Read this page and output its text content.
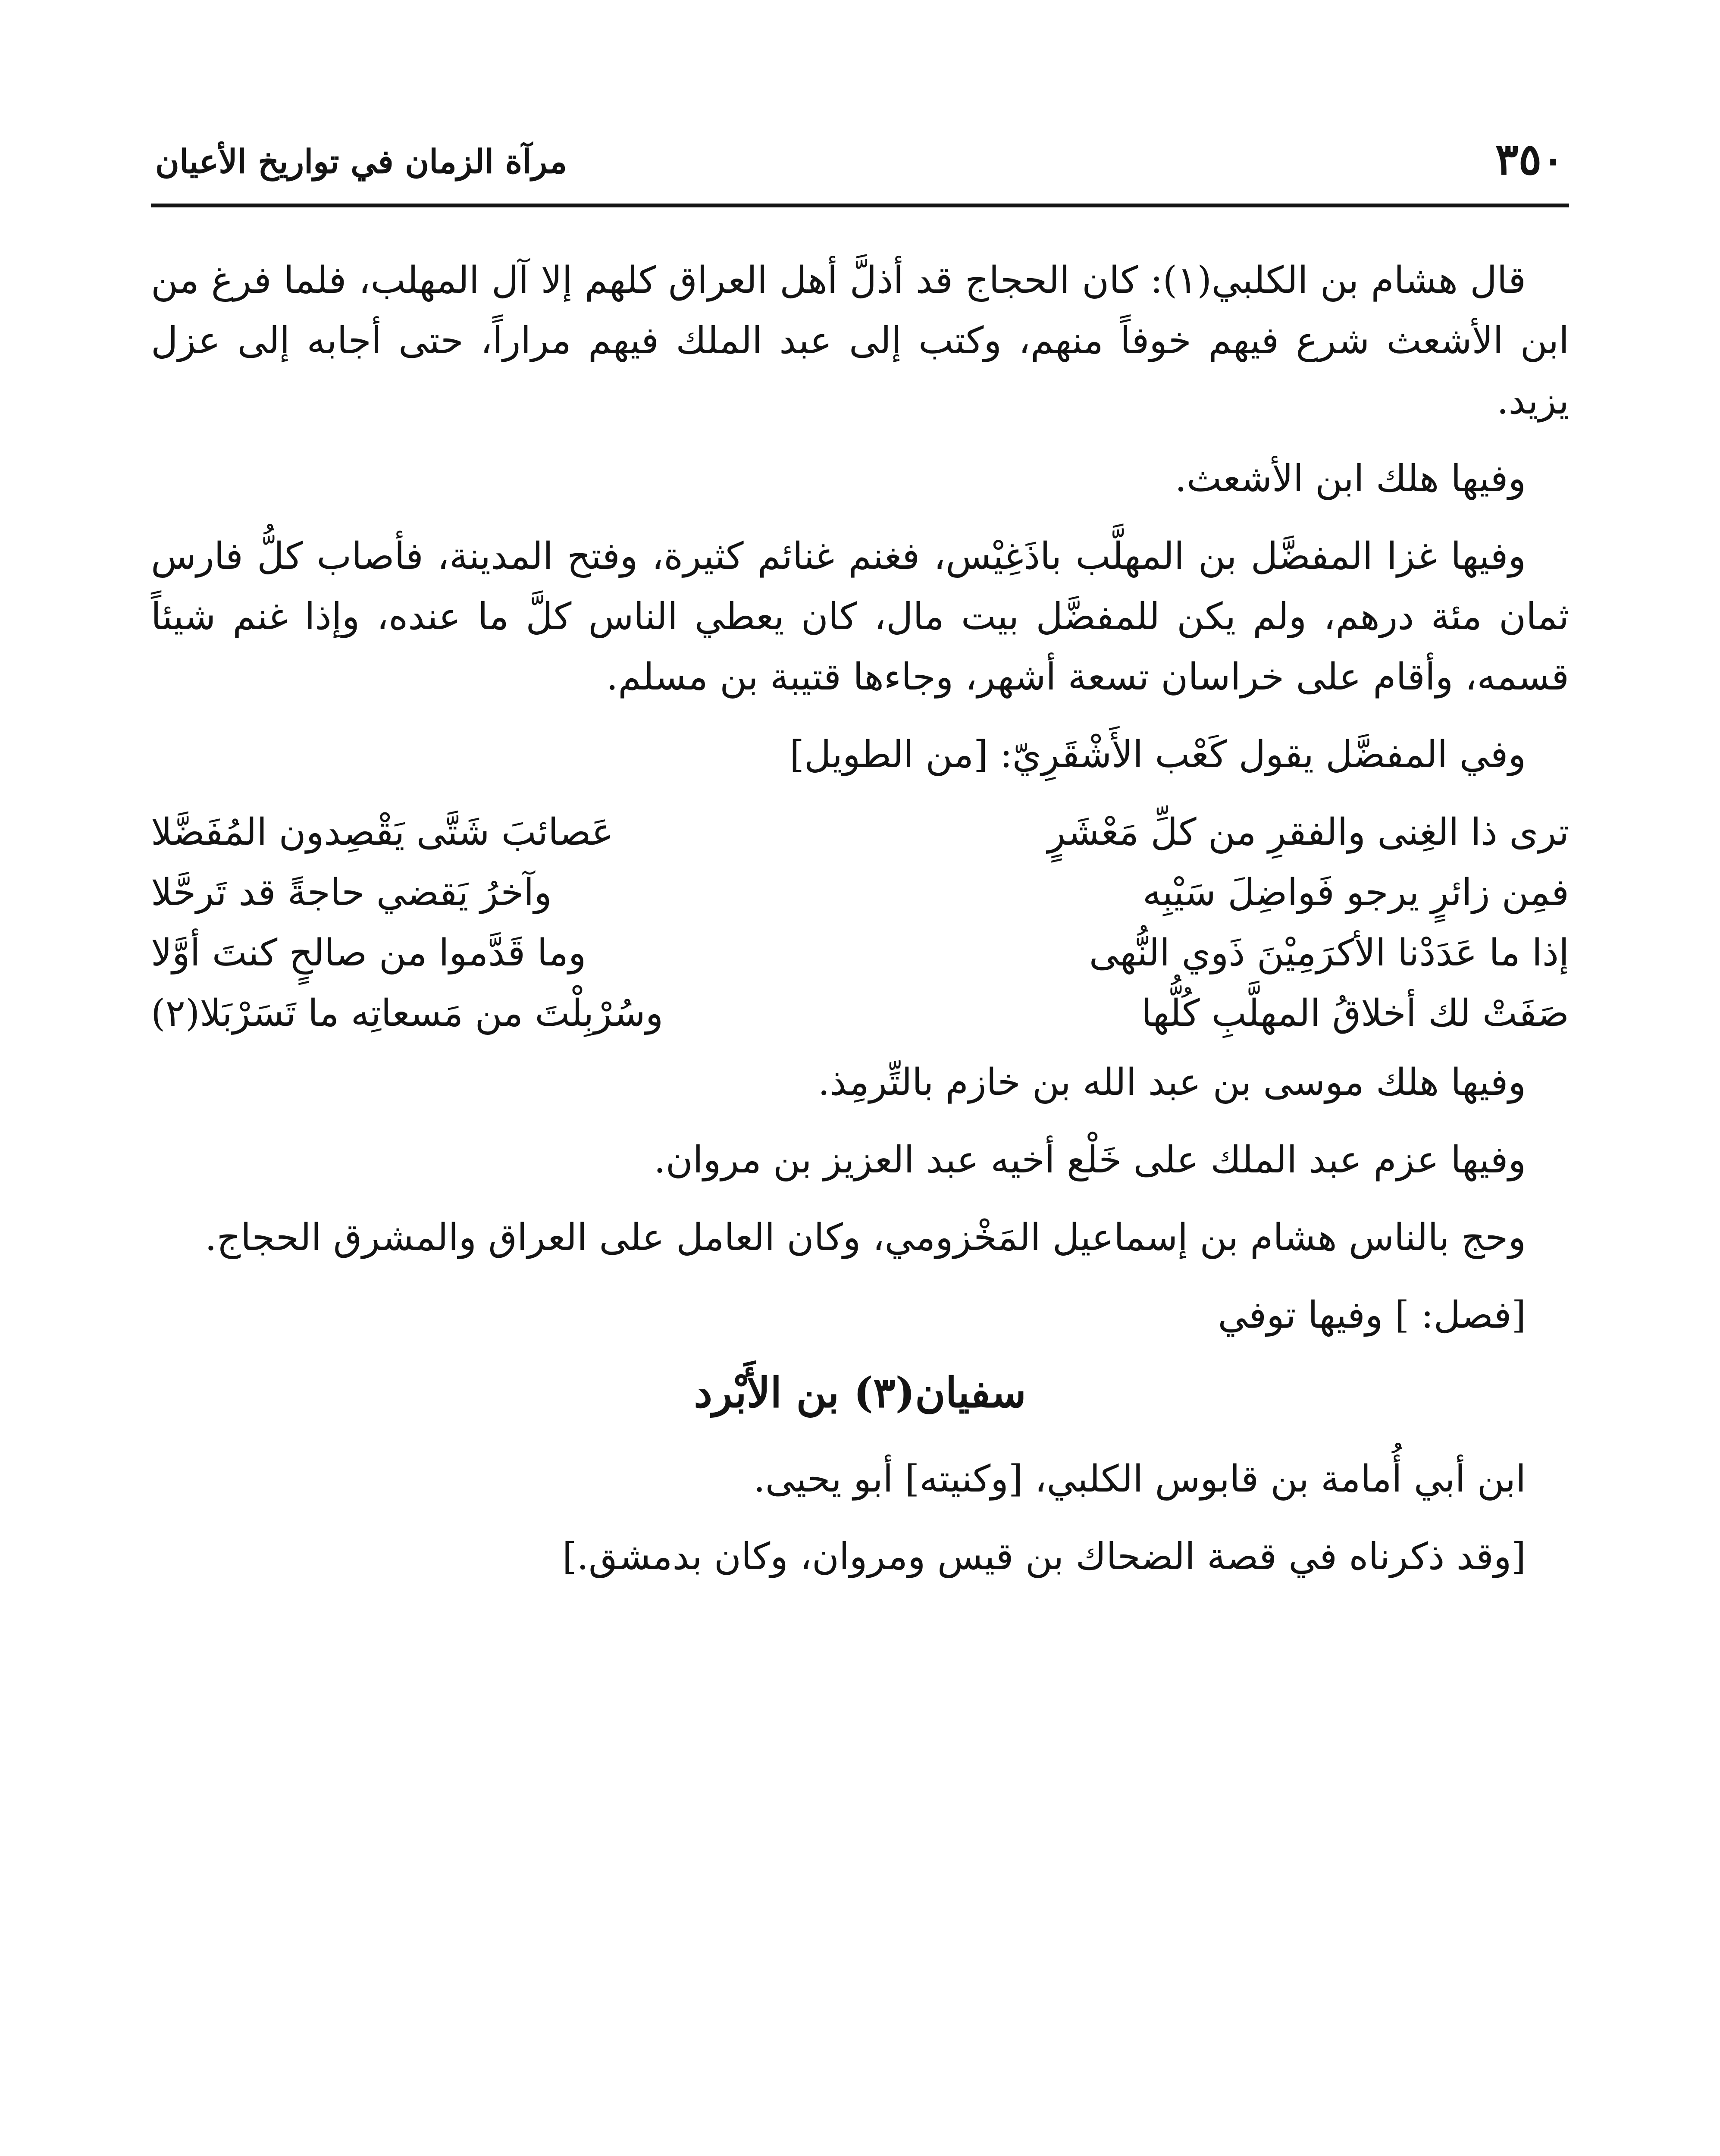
٣٥٠
مرآة الزمان في تواريخ الأعيان

قال هشام بن الكلبي(١): كان الحجاج قد أذلَّ أهل العراق كلهم إلا آل المهلب، فلما فرغ من ابن الأشعث شرع فيهم خوفاً منهم، وكتب إلى عبد الملك فيهم مراراً، حتى أجابه إلى عزل يزيد.

وفيها هلك ابن الأشعث.

وفيها غزا المفضَّل بن المهلَّب باذَغِيْس، فغنم غنائم كثيرة، وفتح المدينة، فأصاب كلُّ فارس ثمان مئة درهم، ولم يكن للمفضَّل بيت مال، كان يعطي الناس كلَّ ما عنده، وإذا غنم شيئاً قسمه، وأقام على خراسان تسعة أشهر، وجاءها قتيبة بن مسلم.

وفي المفضَّل يقول كَعْب الأَشْقَرِيّ: [من الطويل]

ترى ذا الغِنى والفقرِ من كلِّ مَعْشَرٍ
عَصائبَ شَتَّى يَقْصِدون المُفَضَّلا
فمِن زائرٍ يرجو فَواضِلَ سَيْبِه
وآخرُ يَقضي حاجةً قد تَرحَّلا
إذا ما عَدَدْنا الأكرَمِيْنَ ذَوي النُّهى
وما قَدَّموا من صالحٍ كنتَ أوَّلا
صَفَتْ لك أخلاقُ المهلَّبِ كُلُّها
وسُرْبِلْتَ من مَسعاتِه ما تَسَرْبَلا(٢)

وفيها هلك موسى بن عبد الله بن خازم بالتِّرمِذ.

وفيها عزم عبد الملك على خَلْع أخيه عبد العزيز بن مروان.

وحج بالناس هشام بن إسماعيل المَخْزومي، وكان العامل على العراق والمشرق الحجاج.

[فصل: ] وفيها توفي

سفيان(٣) بن الأَبْرد

ابن أبي أُمامة بن قابوس الكلبي، [وكنيته] أبو يحيى.

[وقد ذكرناه في قصة الضحاك بن قيس ومروان، وكان بدمشق.]
